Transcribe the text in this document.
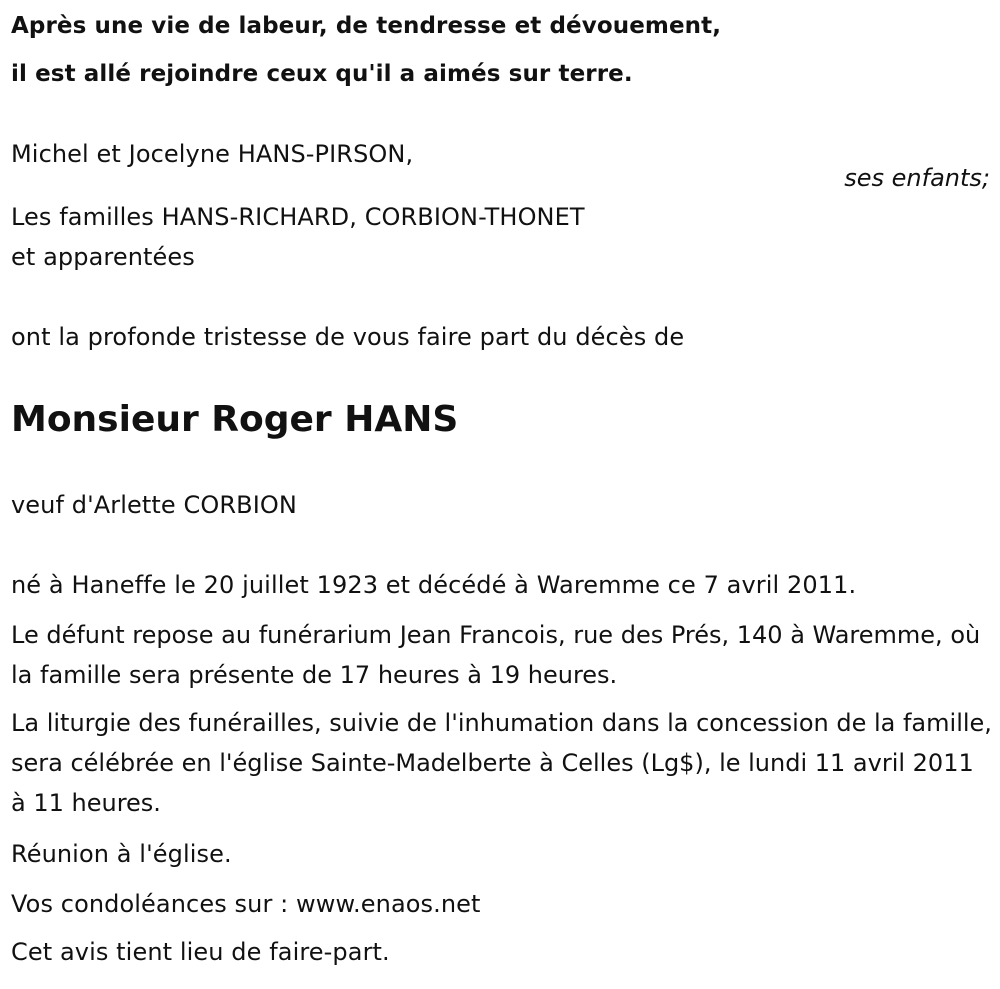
Après une vie de labeur, de tendresse et dévouement,
il est allé rejoindre ceux qu'il a aimés sur terre.
Michel et Jocelyne HANS-PIRSON,
ses enfants;
Les familles HANS-RICHARD, CORBION-THONET
et apparentées
ont la profonde tristesse de vous faire part du décès de
Monsieur Roger HANS
veuf d'Arlette CORBION
né à Haneffe le 20 juillet 1923 et décédé à Waremme ce 7 avril 2011.
Le défunt repose au funérarium Jean Francois, rue des Prés, 140 à Waremme, où la famille sera présente de 17 heures à 19 heures.
La liturgie des funérailles, suivie de l'inhumation dans la concession de la famille, sera célébrée en l'église Sainte-Madelberte à Celles (Lg$), le lundi 11 avril 2011 à 11 heures.
Réunion à l'église.
Vos condoléances sur : www.enaos.net
Cet avis tient lieu de faire-part.
